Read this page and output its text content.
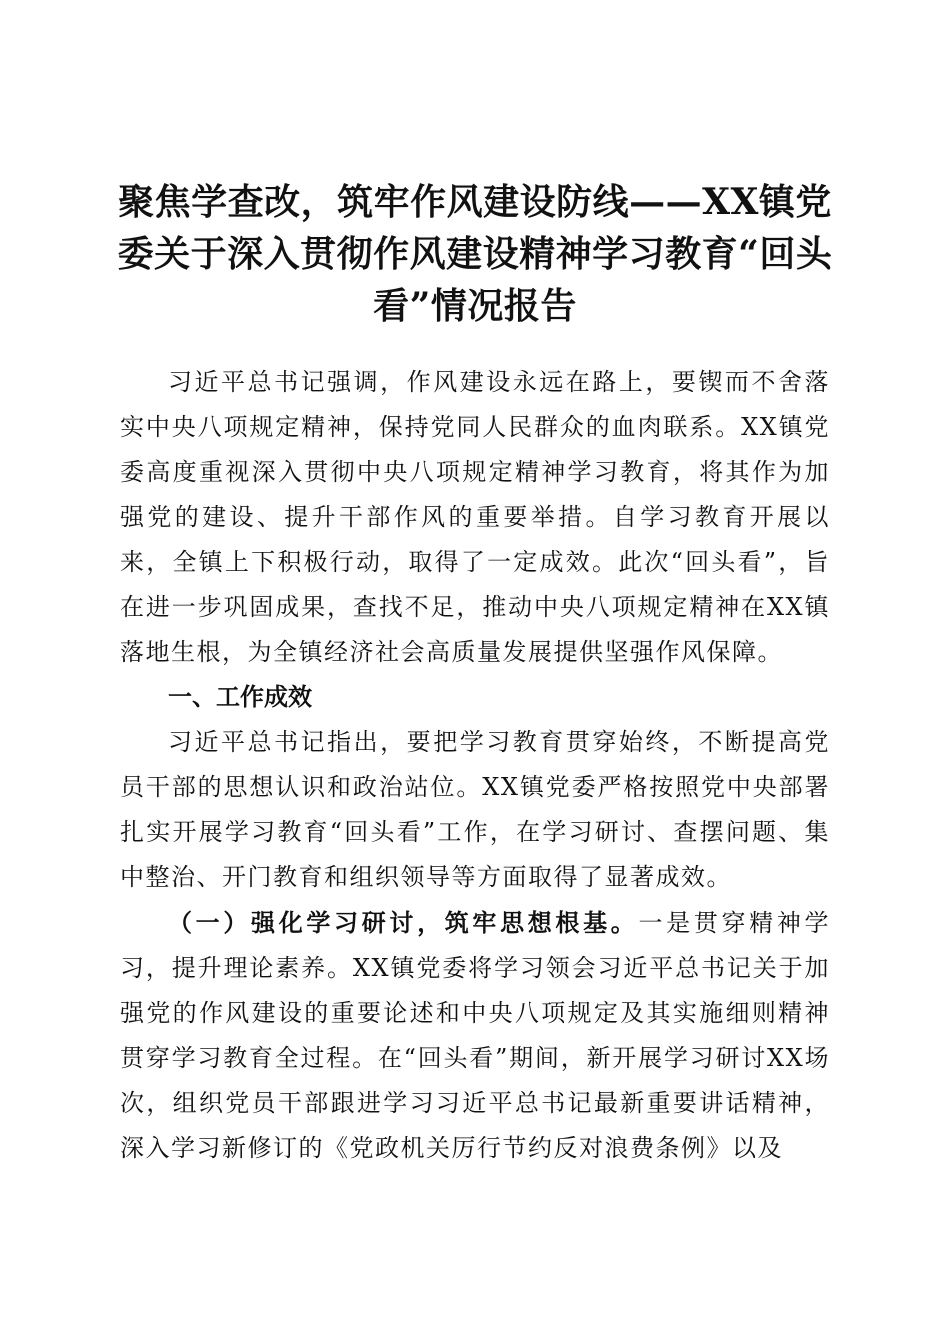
聚焦学查改，筑牢作风建设防线——XX镇党
委关于深入贯彻作风建设精神学习教育“回头
看”情况报告

习近平总书记强调，作风建设永远在路上，要锲而不舍落实中央八项规定精神，保持党同人民群众的血肉联系。XX镇党委高度重视深入贯彻中央八项规定精神学习教育，将其作为加强党的建设、提升干部作风的重要举措。自学习教育开展以来，全镇上下积极行动，取得了一定成效。此次“回头看”，旨在进一步巩固成果，查找不足，推动中央八项规定精神在XX镇落地生根，为全镇经济社会高质量发展提供坚强作风保障。

一、工作成效

习近平总书记指出，要把学习教育贯穿始终，不断提高党员干部的思想认识和政治站位。XX镇党委严格按照党中央部署扎实开展学习教育“回头看”工作，在学习研讨、查摆问题、集中整治、开门教育和组织领导等方面取得了显著成效。

（一）强化学习研讨，筑牢思想根基。一是贯穿精神学习，提升理论素养。XX镇党委将学习领会习近平总书记关于加强党的作风建设的重要论述和中央八项规定及其实施细则精神贯穿学习教育全过程。在“回头看”期间，新开展学习研讨XX场次，组织党员干部跟进学习习近平总书记最新重要讲话精神，深入学习新修订的《党政机关厉行节约反对浪费条例》以及
